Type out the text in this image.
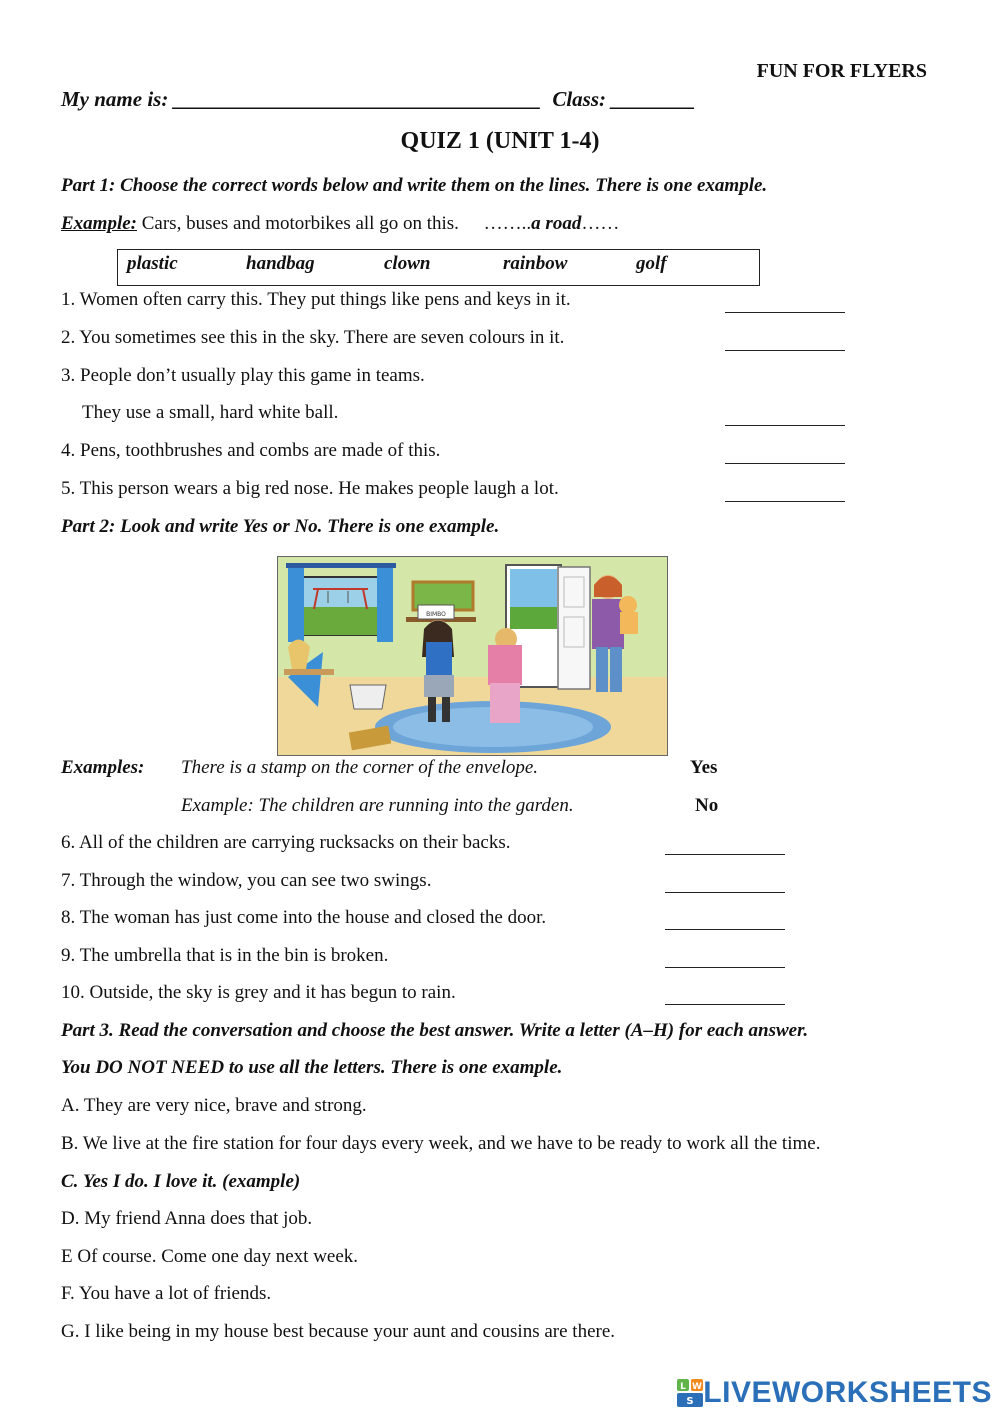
FUN FOR FLYERS
My name is: ___________________________________ Class: ________
QUIZ 1 (UNIT 1-4)
Part 1: Choose the correct words below and write them on the lines. There is one example.
Example: Cars, buses and motorbikes all go on this. ……..a road……
plastic	handbag	clown	rainbow	golf
1. Women often carry this. They put things like pens and keys in it.
2. You sometimes see this in the sky. There are seven colours in it.
3. People don’t usually play this game in teams.
They use a small, hard white ball.
4. Pens, toothbrushes and combs are made of this.
5. This person wears a big red nose. He makes people laugh a lot.
Part 2: Look and write Yes or No. There is one example.
BIMBO
Examples: There is a stamp on the corner of the envelope.	Yes
Example: The children are running into the garden.	No
6. All of the children are carrying rucksacks on their backs.
7. Through the window, you can see two swings.
8. The woman has just come into the house and closed the door.
9. The umbrella that is in the bin is broken.
10. Outside, the sky is grey and it has begun to rain.
Part 3. Read the conversation and choose the best answer. Write a letter (A–H) for each answer.
You DO NOT NEED to use all the letters. There is one example.
A. They are very nice, brave and strong.
B. We live at the fire station for four days every week, and we have to be ready to work all the time.
C. Yes I do. I love it. (example)
D. My friend Anna does that job.
E Of course. Come one day next week.
F. You have a lot of friends.
G. I like being in my house best because your aunt and cousins are there.
L W
S LIVEWORKSHEETS
